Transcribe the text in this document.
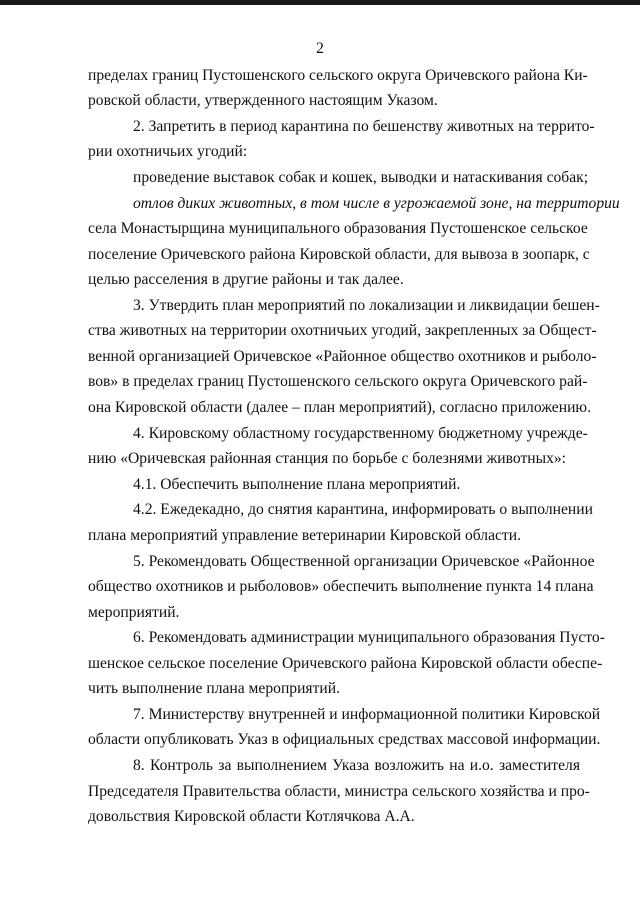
2
пределах границ Пустошенского сельского округа Оричевского района Ки-
ровской области, утвержденного настоящим Указом.
2. Запретить в период карантина по бешенству животных на террито-
рии охотничьих угодий:
проведение выставок собак и кошек, выводки и натаскивания собак;
отлов диких животных, в том числе в угрожаемой зоне, на территории
села Монастырщина муниципального образования Пустошенское сельское
поселение Оричевского района Кировской области, для вывоза в зоопарк, с
целью расселения в другие районы и так далее.
3. Утвердить план мероприятий по локализации и ликвидации бешен-
ства животных на территории охотничьих угодий, закрепленных за Общест-
венной организацией Оричевское «Районное общество охотников и рыболо-
вов» в пределах границ Пустошенского сельского округа Оричевского рай-
она Кировской области (далее – план мероприятий), согласно приложению.
4. Кировскому областному государственному бюджетному учрежде-
нию «Оричевская районная станция по борьбе с болезнями животных»:
4.1. Обеспечить выполнение плана мероприятий.
4.2. Ежедекадно, до снятия карантина, информировать о выполнении
плана мероприятий управление ветеринарии Кировской области.
5. Рекомендовать Общественной организации Оричевское «Районное
общество охотников и рыболовов» обеспечить выполнение пункта 14 плана
мероприятий.
6. Рекомендовать администрации муниципального образования Пусто-
шенское сельское поселение Оричевского района Кировской области обеспе-
чить выполнение плана мероприятий.
7. Министерству внутренней и информационной политики Кировской
области опубликовать Указ в официальных средствах массовой информации.
8. Контроль за выполнением Указа возложить на и.о. заместителя
Председателя Правительства области, министра сельского хозяйства и про-
довольствия Кировской области Котлячкова А.А.
